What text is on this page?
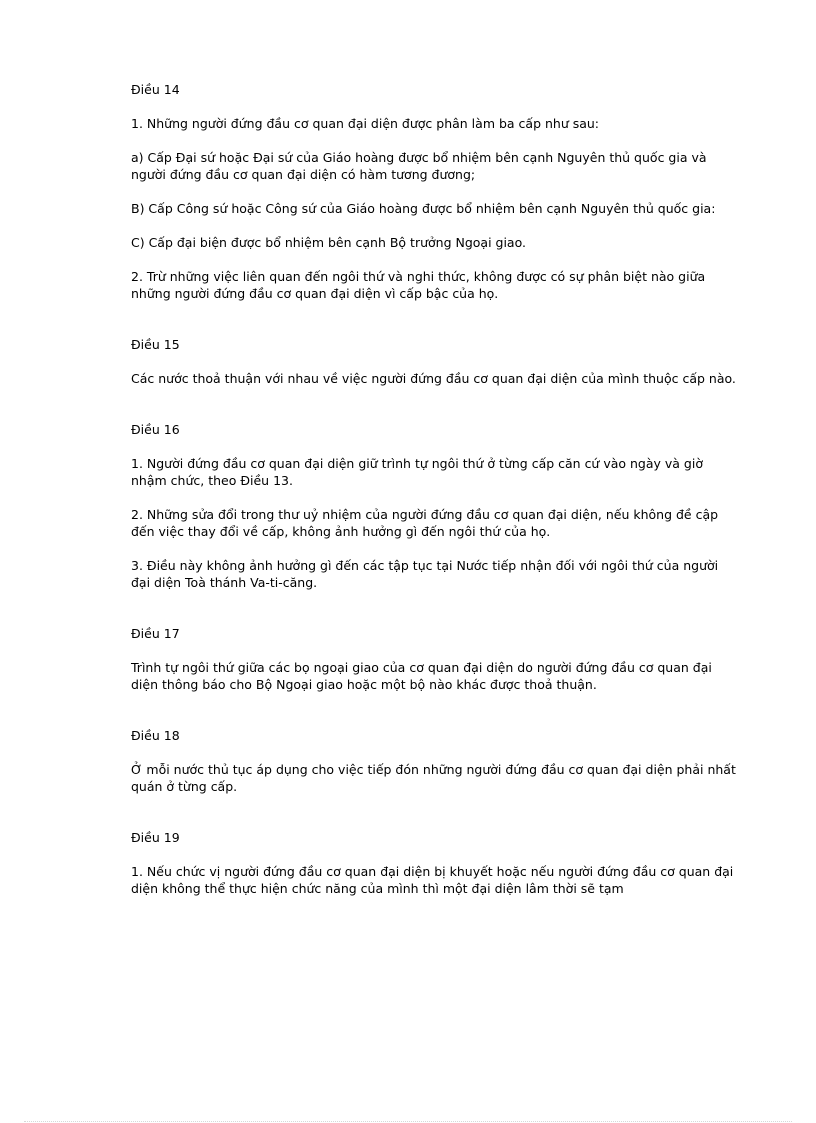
Điều 14
1. Những người đứng đầu cơ quan đại diện được phân làm ba cấp như sau:
a) Cấp Đại sứ hoặc Đại sứ của Giáo hoàng được bổ nhiệm bên cạnh Nguyên thủ quốc gia và người đứng đầu cơ quan đại diện có hàm tương đương;
B) Cấp Công sứ hoặc Công sứ của Giáo hoàng được bổ nhiệm bên cạnh Nguyên thủ quốc gia:
C) Cấp đại biện được bổ nhiệm bên cạnh Bộ trưởng Ngoại giao.
2. Trừ những việc liên quan đến ngôi thứ và nghi thức, không được có sự phân biệt nào giữa những người đứng đầu cơ quan đại diện vì cấp bậc của họ.
Điều 15
Các nước thoả thuận với nhau về việc người đứng đầu cơ quan đại diện của mình thuộc cấp nào.
Điều 16
1. Người đứng đầu cơ quan đại diện giữ trình tự ngôi thứ ở từng cấp căn cứ vào ngày và giờ nhậm chức, theo Điều 13.
2. Những sửa đổi trong thư uỷ nhiệm của người đứng đầu cơ quan đại diện, nếu không đề cập đến việc thay đổi về cấp, không ảnh hưởng gì đến ngôi thứ của họ.
3. Điều này không ảnh hưởng gì đến các tập tục tại Nước tiếp nhận đối với ngôi thứ của người đại diện Toà thánh Va-ti-căng.
Điều 17
Trình tự ngôi thứ giữa các bọ ngoại giao của cơ quan đại diện do người đứng đầu cơ quan đại diện thông báo cho Bộ Ngoại giao hoặc một bộ nào khác được thoả thuận.
Điều 18
Ở mỗi nước thủ tục áp dụng cho việc tiếp đón những người đứng đầu cơ quan đại diện phải nhất quán ở từng cấp.
Điều 19
1. Nếu chức vị người đứng đầu cơ quan đại diện bị khuyết hoặc nếu người đứng đầu cơ quan đại diện không thể thực hiện chức năng của mình thì một đại diện lâm thời sẽ tạm
